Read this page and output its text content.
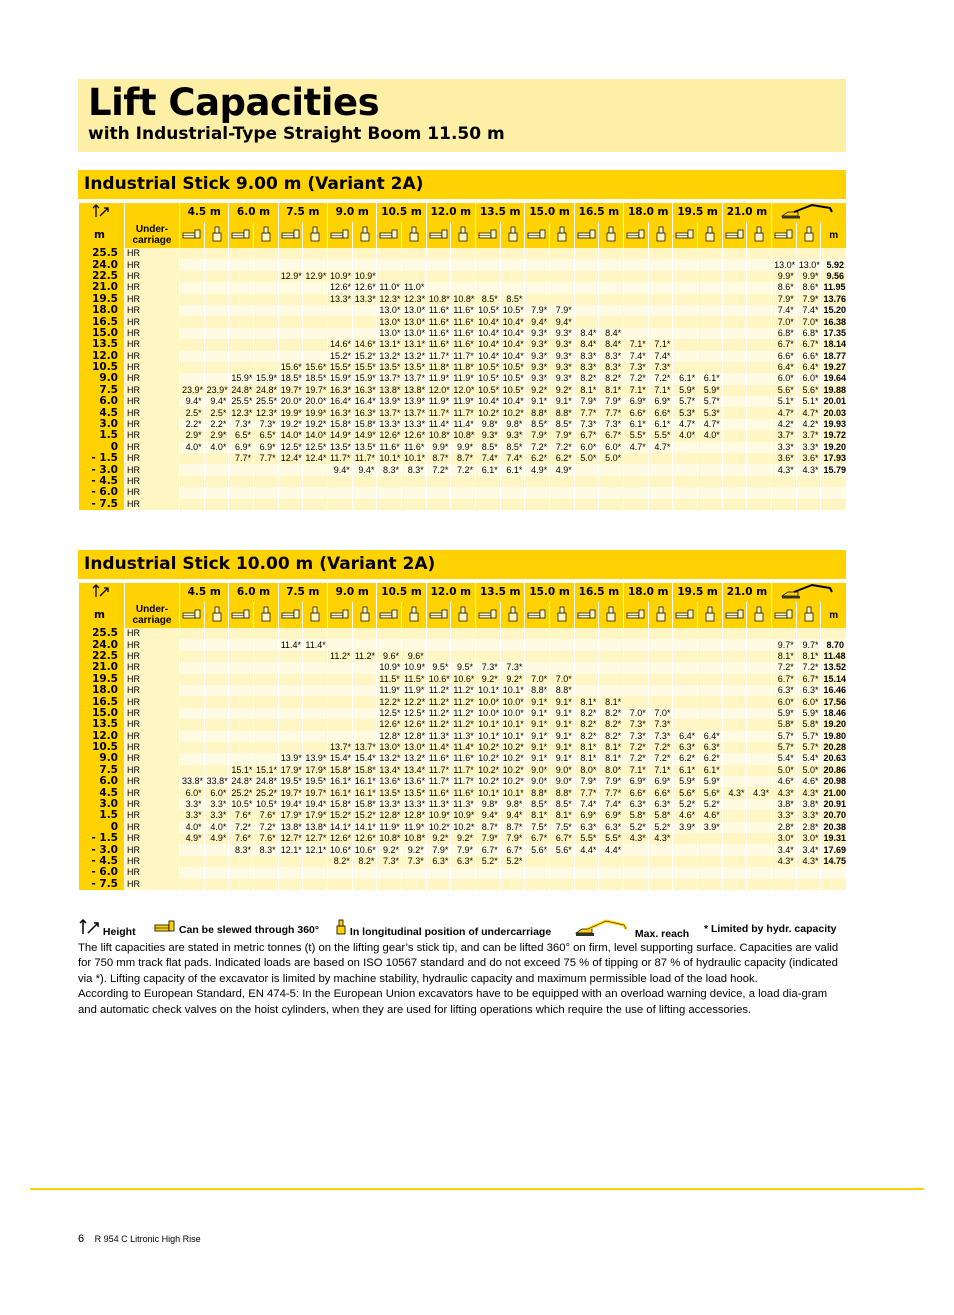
Lift Capacities
with Industrial-Type Straight Boom 11.50 m
Industrial Stick 9.00 m (Variant 2A)
		4.5 m		6.0 m		7.5 m		9.0 m		10.5 m		12.0 m		13.5 m		15.0 m		16.5 m		18.0 m		19.5 m		21.0 m	
m	Under-
carriage																											m
25.5	HR																											
24.0	HR																									13.0*	13.0*	5.92
22.5	HR					12.9*	12.9*	10.9*	10.9*																	9.9*	9.9*	9.56
21.0	HR							12.6*	12.6*	11.0*	11.0*															8.6*	8.6*	11.95
19.5	HR							13.3*	13.3*	12.3*	12.3*	10.8*	10.8*	8.5*	8.5*											7.9*	7.9*	13.76
18.0	HR									13.0*	13.0*	11.6*	11.6*	10.5*	10.5*	7.9*	7.9*									7.4*	7.4*	15.20
16.5	HR									13.0*	13.0*	11.6*	11.6*	10.4*	10.4*	9.4*	9.4*									7.0*	7.0*	16.38
15.0	HR									13.0*	13.0*	11.6*	11.6*	10.4*	10.4*	9.3*	9.3*	8.4*	8.4*							6.8*	6.8*	17.35
13.5	HR							14.6*	14.6*	13.1*	13.1*	11.6*	11.6*	10.4*	10.4*	9.3*	9.3*	8.4*	8.4*	7.1*	7.1*					6.7*	6.7*	18.14
12.0	HR							15.2*	15.2*	13.2*	13.2*	11.7*	11.7*	10.4*	10.4*	9.3*	9.3*	8.3*	8.3*	7.4*	7.4*					6.6*	6.6*	18.77
10.5	HR					15.6*	15.6*	15.5*	15.5*	13.5*	13.5*	11.8*	11.8*	10.5*	10.5*	9.3*	9.3*	8.3*	8.3*	7.3*	7.3*					6.4*	6.4*	19.27
9.0	HR			15.9*	15.9*	18.5*	18.5*	15.9*	15.9*	13.7*	13.7*	11.9*	11.9*	10.5*	10.5*	9.3*	9.3*	8.2*	8.2*	7.2*	7.2*	6.1*	6.1*			6.0*	6.0*	19.64
7.5	HR	23.9*	23.9*	24.8*	24.8*	19.7*	19.7*	16.3*	16.3*	13.8*	13.8*	12.0*	12.0*	10.5*	10.5*	9.2*	9.2*	8.1*	8.1*	7.1*	7.1*	5.9*	5.9*			5.6*	5.6*	19.88
6.0	HR	9.4*	9.4*	25.5*	25.5*	20.0*	20.0*	16.4*	16.4*	13.9*	13.9*	11.9*	11.9*	10.4*	10.4*	9.1*	9.1*	7.9*	7.9*	6.9*	6.9*	5.7*	5.7*			5.1*	5.1*	20.01
4.5	HR	2.5*	2.5*	12.3*	12.3*	19.9*	19.9*	16.3*	16.3*	13.7*	13.7*	11.7*	11.7*	10.2*	10.2*	8.8*	8.8*	7.7*	7.7*	6.6*	6.6*	5.3*	5.3*			4.7*	4.7*	20.03
3.0	HR	2.2*	2.2*	7.3*	7.3*	19.2*	19.2*	15.8*	15.8*	13.3*	13.3*	11.4*	11.4*	9.8*	9.8*	8.5*	8.5*	7.3*	7.3*	6.1*	6.1*	4.7*	4.7*			4.2*	4.2*	19.93
1.5	HR	2.9*	2.9*	6.5*	6.5*	14.0*	14.0*	14.9*	14.9*	12.6*	12.6*	10.8*	10.8*	9.3*	9.3*	7.9*	7.9*	6.7*	6.7*	5.5*	5.5*	4.0*	4.0*			3.7*	3.7*	19.72
0	HR	4.0*	4.0*	6.9*	6.9*	12.5*	12.5*	13.5*	13.5*	11.6*	11.6*	9.9*	9.9*	8.5*	8.5*	7.2*	7.2*	6.0*	6.0*	4.7*	4.7*					3.3*	3.3*	19.20
- 1.5	HR			7.7*	7.7*	12.4*	12.4*	11.7*	11.7*	10.1*	10.1*	8.7*	8.7*	7.4*	7.4*	6.2*	6.2*	5.0*	5.0*							3.6*	3.6*	17.93
- 3.0	HR							9.4*	9.4*	8.3*	8.3*	7.2*	7.2*	6.1*	6.1*	4.9*	4.9*									4.3*	4.3*	15.79
- 4.5	HR																											
- 6.0	HR																											
- 7.5	HR																											
Industrial Stick 10.00 m (Variant 2A)
		4.5 m		6.0 m		7.5 m		9.0 m		10.5 m		12.0 m		13.5 m		15.0 m		16.5 m		18.0 m		19.5 m		21.0 m	
m	Under-
carriage																											m
25.5	HR																											
24.0	HR					11.4*	11.4*																			9.7*	9.7*	8.70
22.5	HR							11.2*	11.2*	9.6*	9.6*															8.1*	8.1*	11.48
21.0	HR									10.9*	10.9*	9.5*	9.5*	7.3*	7.3*											7.2*	7.2*	13.52
19.5	HR									11.5*	11.5*	10.6*	10.6*	9.2*	9.2*	7.0*	7.0*									6.7*	6.7*	15.14
18.0	HR									11.9*	11.9*	11.2*	11.2*	10.1*	10.1*	8.8*	8.8*									6.3*	6.3*	16.46
16.5	HR									12.2*	12.2*	11.2*	11.2*	10.0*	10.0*	9.1*	9.1*	8.1*	8.1*							6.0*	6.0*	17.56
15.0	HR									12.5*	12.5*	11.2*	11.2*	10.0*	10.0*	9.1*	9.1*	8.2*	8.2*	7.0*	7.0*					5.9*	5.9*	18.46
13.5	HR									12.6*	12.6*	11.2*	11.2*	10.1*	10.1*	9.1*	9.1*	8.2*	8.2*	7.3*	7.3*					5.8*	5.8*	19.20
12.0	HR									12.8*	12.8*	11.3*	11.3*	10.1*	10.1*	9.1*	9.1*	8.2*	8.2*	7.3*	7.3*	6.4*	6.4*			5.7*	5.7*	19.80
10.5	HR							13.7*	13.7*	13.0*	13.0*	11.4*	11.4*	10.2*	10.2*	9.1*	9.1*	8.1*	8.1*	7.2*	7.2*	6.3*	6.3*			5.7*	5.7*	20.28
9.0	HR					13.9*	13.9*	15.4*	15.4*	13.2*	13.2*	11.6*	11.6*	10.2*	10.2*	9.1*	9.1*	8.1*	8.1*	7.2*	7.2*	6.2*	6.2*			5.4*	5.4*	20.63
7.5	HR			15.1*	15.1*	17.9*	17.9*	15.8*	15.8*	13.4*	13.4*	11.7*	11.7*	10.2*	10.2*	9.0*	9.0*	8.0*	8.0*	7.1*	7.1*	6.1*	6.1*			5.0*	5.0*	20.86
6.0	HR	33.8*	33.8*	24.8*	24.8*	19.5*	19.5*	16.1*	16.1*	13.6*	13.6*	11.7*	11.7*	10.2*	10.2*	9.0*	9.0*	7.9*	7.9*	6.9*	6.9*	5.9*	5.9*			4.6*	4.6*	20.98
4.5	HR	6.0*	6.0*	25.2*	25.2*	19.7*	19.7*	16.1*	16.1*	13.5*	13.5*	11.6*	11.6*	10.1*	10.1*	8.8*	8.8*	7.7*	7.7*	6.6*	6.6*	5.6*	5.6*	4.3*	4.3*	4.3*	4.3*	21.00
3.0	HR	3.3*	3.3*	10.5*	10.5*	19.4*	19.4*	15.8*	15.8*	13.3*	13.3*	11.3*	11.3*	9.8*	9.8*	8.5*	8.5*	7.4*	7.4*	6.3*	6.3*	5.2*	5.2*			3.8*	3.8*	20.91
1.5	HR	3.3*	3.3*	7.6*	7.6*	17.9*	17.9*	15.2*	15.2*	12.8*	12.8*	10.9*	10.9*	9.4*	9.4*	8.1*	8.1*	6.9*	6.9*	5.8*	5.8*	4.6*	4.6*			3.3*	3.3*	20.70
0	HR	4.0*	4.0*	7.2*	7.2*	13.8*	13.8*	14.1*	14.1*	11.9*	11.9*	10.2*	10.2*	8.7*	8.7*	7.5*	7.5*	6.3*	6.3*	5.2*	5.2*	3.9*	3.9*			2.8*	2.8*	20.38
- 1.5	HR	4.9*	4.9*	7.6*	7.6*	12.7*	12.7*	12.6*	12.6*	10.8*	10.8*	9.2*	9.2*	7.9*	7.9*	6.7*	6.7*	5.5*	5.5*	4.3*	4.3*					3.0*	3.0*	19.31
- 3.0	HR			8.3*	8.3*	12.1*	12.1*	10.6*	10.6*	9.2*	9.2*	7.9*	7.9*	6.7*	6.7*	5.6*	5.6*	4.4*	4.4*							3.4*	3.4*	17.69
- 4.5	HR							8.2*	8.2*	7.3*	7.3*	6.3*	6.3*	5.2*	5.2*											4.3*	4.3*	14.75
- 6.0	HR																											
- 7.5	HR																											
Height	Can be slewed through 360°	In longitudinal position of undercarriage	Max. reach * Limited by hydr. capacity

The lift capacities are stated in metric tonnes (t) on the lifting gear’s stick tip, and can be lifted 360° on firm, level supporting surface. Capacities are valid for 750 mm track flat pads. Indicated loads are based on ISO 10567 standard and do not exceed 75 % of tipping or 87 % of hydraulic capacity (indicated via *). Lifting capacity of the excavator is limited by machine stability, hydraulic capacity and maximum permissible load of the load hook.

According to European Standard, EN 474-5: In the European Union excavators have to be equipped with an overload warning device, a load dia-gram and automatic check valves on the hoist cylinders, when they are used for lifting operations which require the use of lifting accessories.

6 R 954 C Litronic High Rise
